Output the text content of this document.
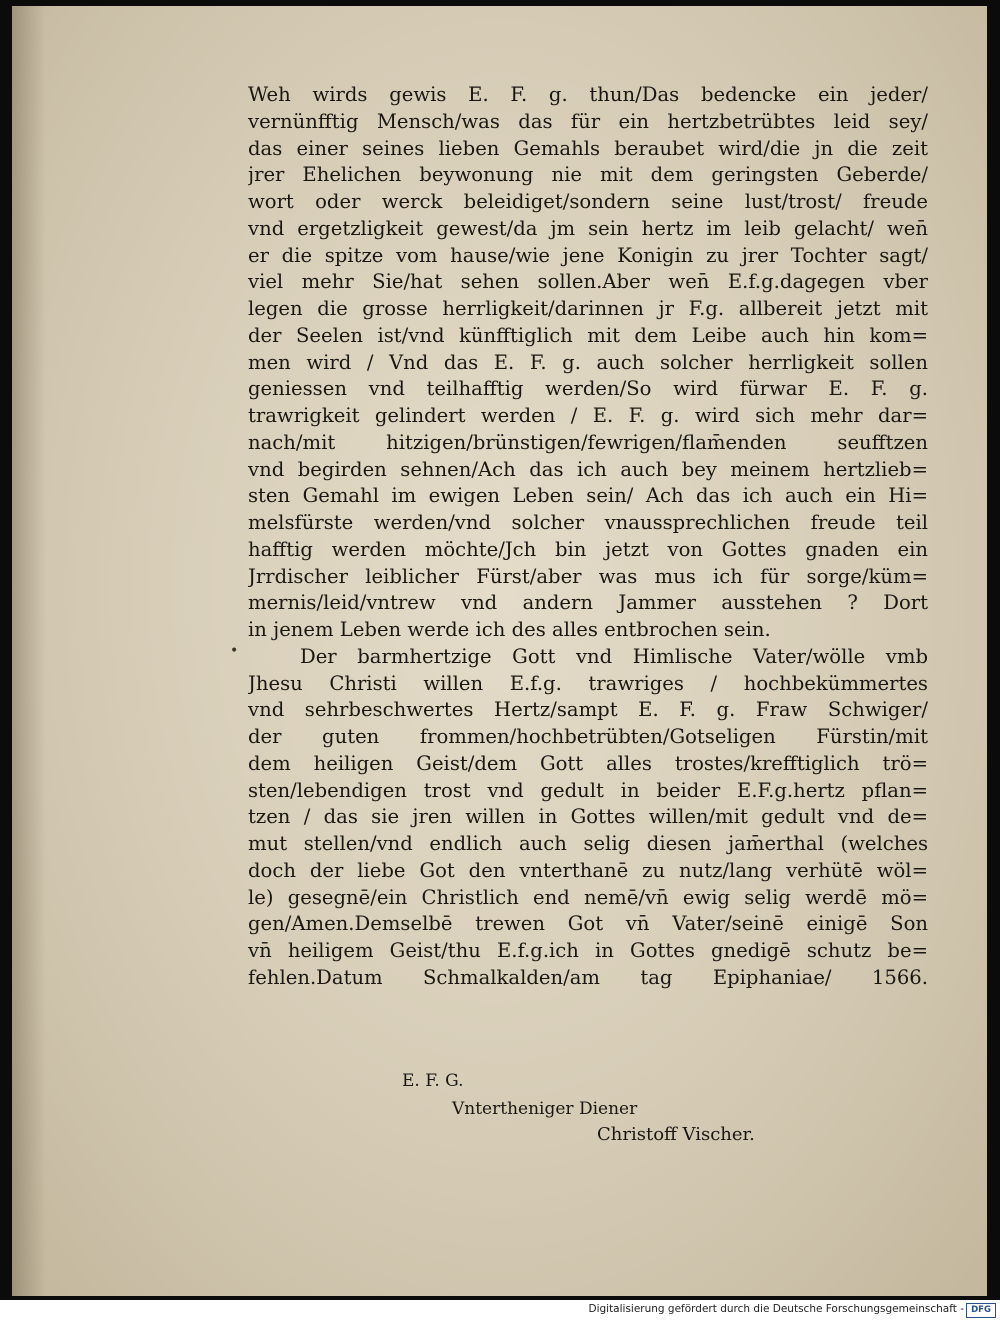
Weh wirds gewis E. F. g. thun/Das bedencke ein jeder/
vernünfftig Mensch/was das für ein hertzbetrübtes leid sey/
das einer seines lieben Gemahls beraubet wird/die jn die zeit
jrer Ehelichen beywonung nie mit dem geringsten Geberde/
wort oder werck beleidiget/sondern seine lust/trost/ freude
vnd ergetzligkeit gewest/da jm sein hertz im leib gelacht/ wen̄
er die spitze vom hause/wie jene Konigin zu jrer Tochter sagt/
viel mehr Sie/hat sehen sollen.Aber wen̄ E.f.g.dagegen vber
legen die grosse herrligkeit/darinnen jr F.g. allbereit jetzt mit
der Seelen ist/vnd künfftiglich mit dem Leibe auch hin kom=
men wird / Vnd das E. F. g. auch solcher herrligkeit sollen
geniessen vnd teilhafftig werden/So wird fürwar E. F. g.
trawrigkeit gelindert werden / E. F. g. wird sich mehr dar=
nach/mit hitzigen/brünstigen/fewrigen/flam̄enden seufftzen
vnd begirden sehnen/Ach das ich auch bey meinem hertzlieb=
sten Gemahl im ewigen Leben sein/ Ach das ich auch ein Hi=
melsfürste werden/vnd solcher vnaussprechlichen freude teil
hafftig werden möchte/Jch bin jetzt von Gottes gnaden ein
Jrrdischer leiblicher Fürst/aber was mus ich für sorge/küm=
mernis/leid/vntrew vnd andern Jammer ausstehen ? Dort
in jenem Leben werde ich des alles entbrochen sein.
Der barmhertzige Gott vnd Himlische Vater/wölle vmb
Jhesu Christi willen E.f.g. trawriges / hochbekümmertes
vnd sehrbeschwertes Hertz/sampt E. F. g. Fraw Schwiger/
der guten frommen/hochbetrübten/Gotseligen Fürstin/mit
dem heiligen Geist/dem Gott alles trostes/krefftiglich trö=
sten/lebendigen trost vnd gedult in beider E.F.g.hertz pflan=
tzen / das sie jren willen in Gottes willen/mit gedult vnd de=
mut stellen/vnd endlich auch selig diesen jam̄erthal (welches
doch der liebe Got den vnterthanē zu nutz/lang verhütē wöl=
le) gesegnē/ein Christlich end nemē/vn̄ ewig selig werdē mö=
gen/Amen.Demselbē trewen Got vn̄ Vater/seinē einigē Son
vn̄ heiligem Geist/thu E.f.g.ich in Gottes gnedigē schutz be=
fehlen.Datum Schmalkalden/am tag Epiphaniae/ 1566.
•
E. F. G.
Vntertheniger Diener
Christoff Vischer.
Digitalisierung gefördert durch die Deutsche Forschungsgemeinschaft - DFG
